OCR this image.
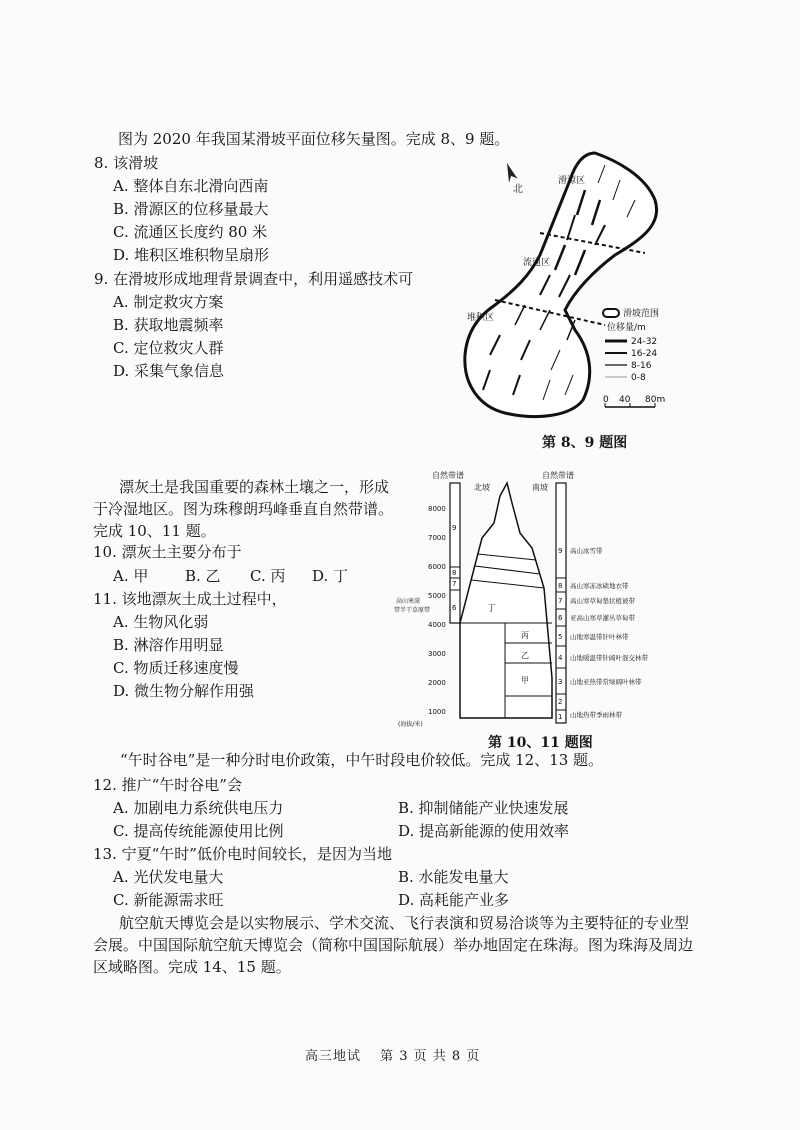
图为 2020 年我国某滑坡平面位移矢量图。完成 8、9 题。
8. 该滑坡
A. 整体自东北滑向西南
B. 滑源区的位移量最大
C. 流通区长度约 80 米
D. 堆积区堆积物呈扇形
9. 在滑坡形成地理背景调查中，利用遥感技术可
A. 制定救灾方案
B. 获取地震频率
C. 定位救灾人群
D. 采集气象信息
北
滑源区
流通区
堆积区	滑坡范围
位移量/m
24-32
16-24
8-16
0-8
0 40 80m
第 8、9 题图
漂灰土是我国重要的森林土壤之一，形成于冷湿地区。图为珠穆朗玛峰垂直自然带谱。完成 10、11 题。
10. 漂灰土主要分布于
A. 甲 B. 乙 C. 丙 D. 丁
11. 该地漂灰土成土过程中，
A. 生物风化弱
B. 淋溶作用明显
C. 物质迁移速度慢
D. 微生物分解作用强
自然带谱	自然带谱
北坡	南坡
8000
7000
6000
5000
4000
3000
2000
1000
(海拔/米)
9
8
7
6
高山寒漠 带半干草原带	丁
丙
乙
甲
9
8
7
6
5
4
3
2
1
高山冰雪带
高山寒冻冰碛地衣带
高山寒草甸垫状植被带
亚高山寒草灌丛草甸带
山地寒温带针叶林带
山地暖温带针阔叶混交林带
山地亚热带常绿阔叶林带
山地热带季雨林带
第 10、11 题图
“午时谷电”是一种分时电价政策，中午时段电价较低。完成 12、13 题。
12. 推广“午时谷电”会
A. 加剧电力系统供电压力	B. 抑制储能产业快速发展
C. 提高传统能源使用比例	D. 提高新能源的使用效率
13. 宁夏“午时”低价电时间较长，是因为当地
A. 光伏发电量大	B. 水能发电量大
C. 新能源需求旺	D. 高耗能产业多
航空航天博览会是以实物展示、学术交流、飞行表演和贸易洽谈等为主要特征的专业型会展。中国国际航空航天博览会（简称中国国际航展）举办地固定在珠海。图为珠海及周边区域略图。完成 14、15 题。
高三地试　 第 3 页 共 8 页
